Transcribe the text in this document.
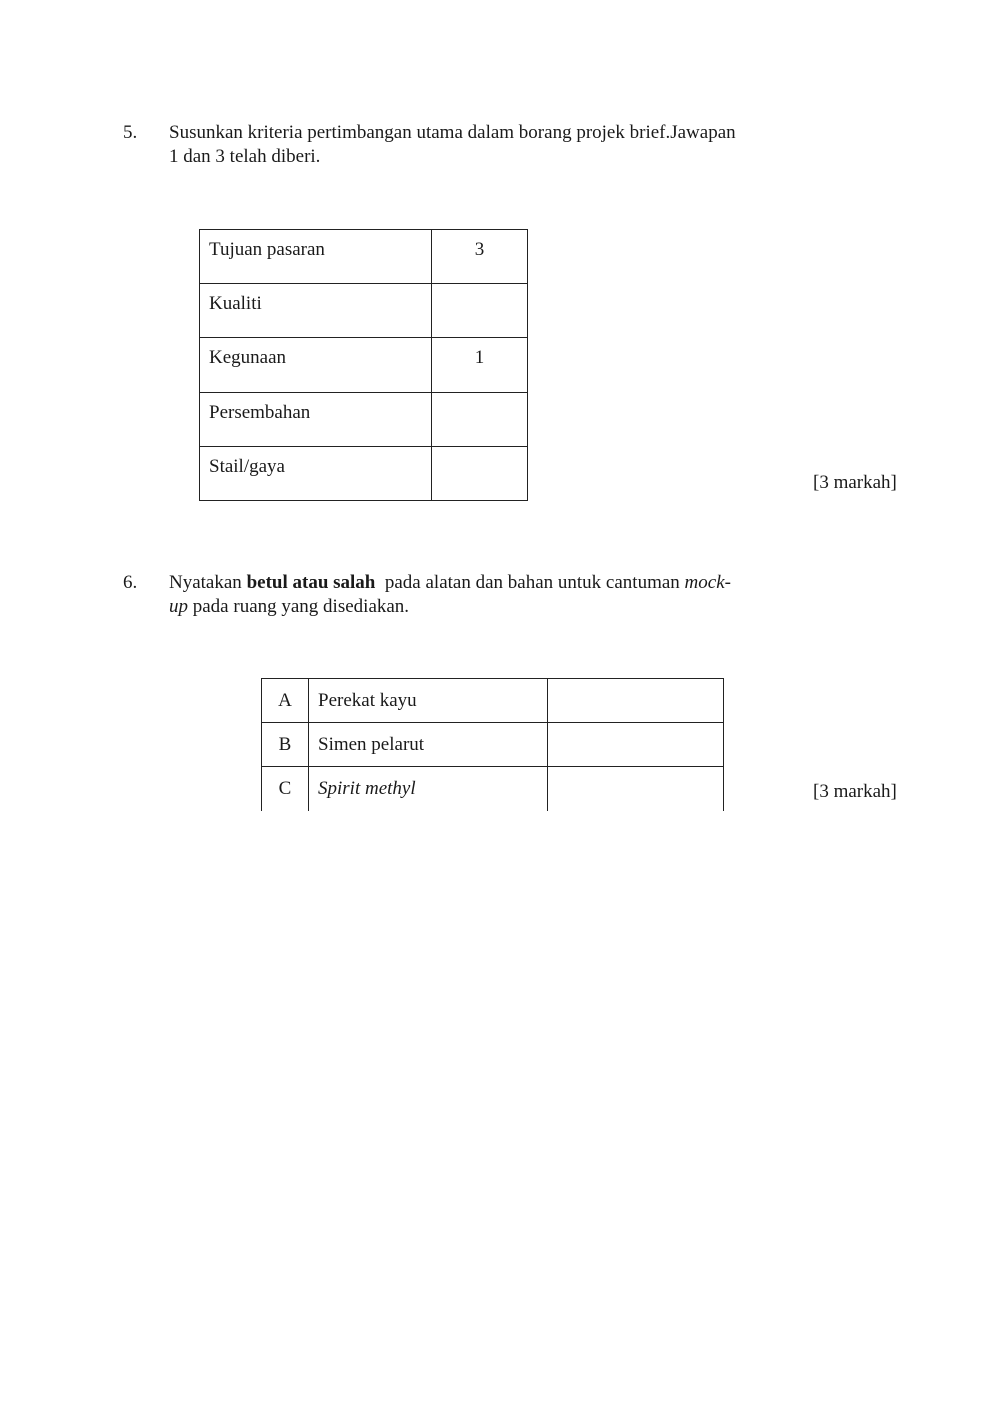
5. Susunkan kriteria pertimbangan utama dalam borang projek brief.Jawapan
1 dan 3 telah diberi.
Tujuan pasaran	3
Kualiti	
Kegunaan	1
Persembahan	
Stail/gaya	
[3 markah]
6. Nyatakan betul atau salah  pada alatan dan bahan untuk cantuman mock-
up pada ruang yang disediakan.
A	Perekat kayu	
B	Simen pelarut	
C	Spirit methyl		[3 markah]
